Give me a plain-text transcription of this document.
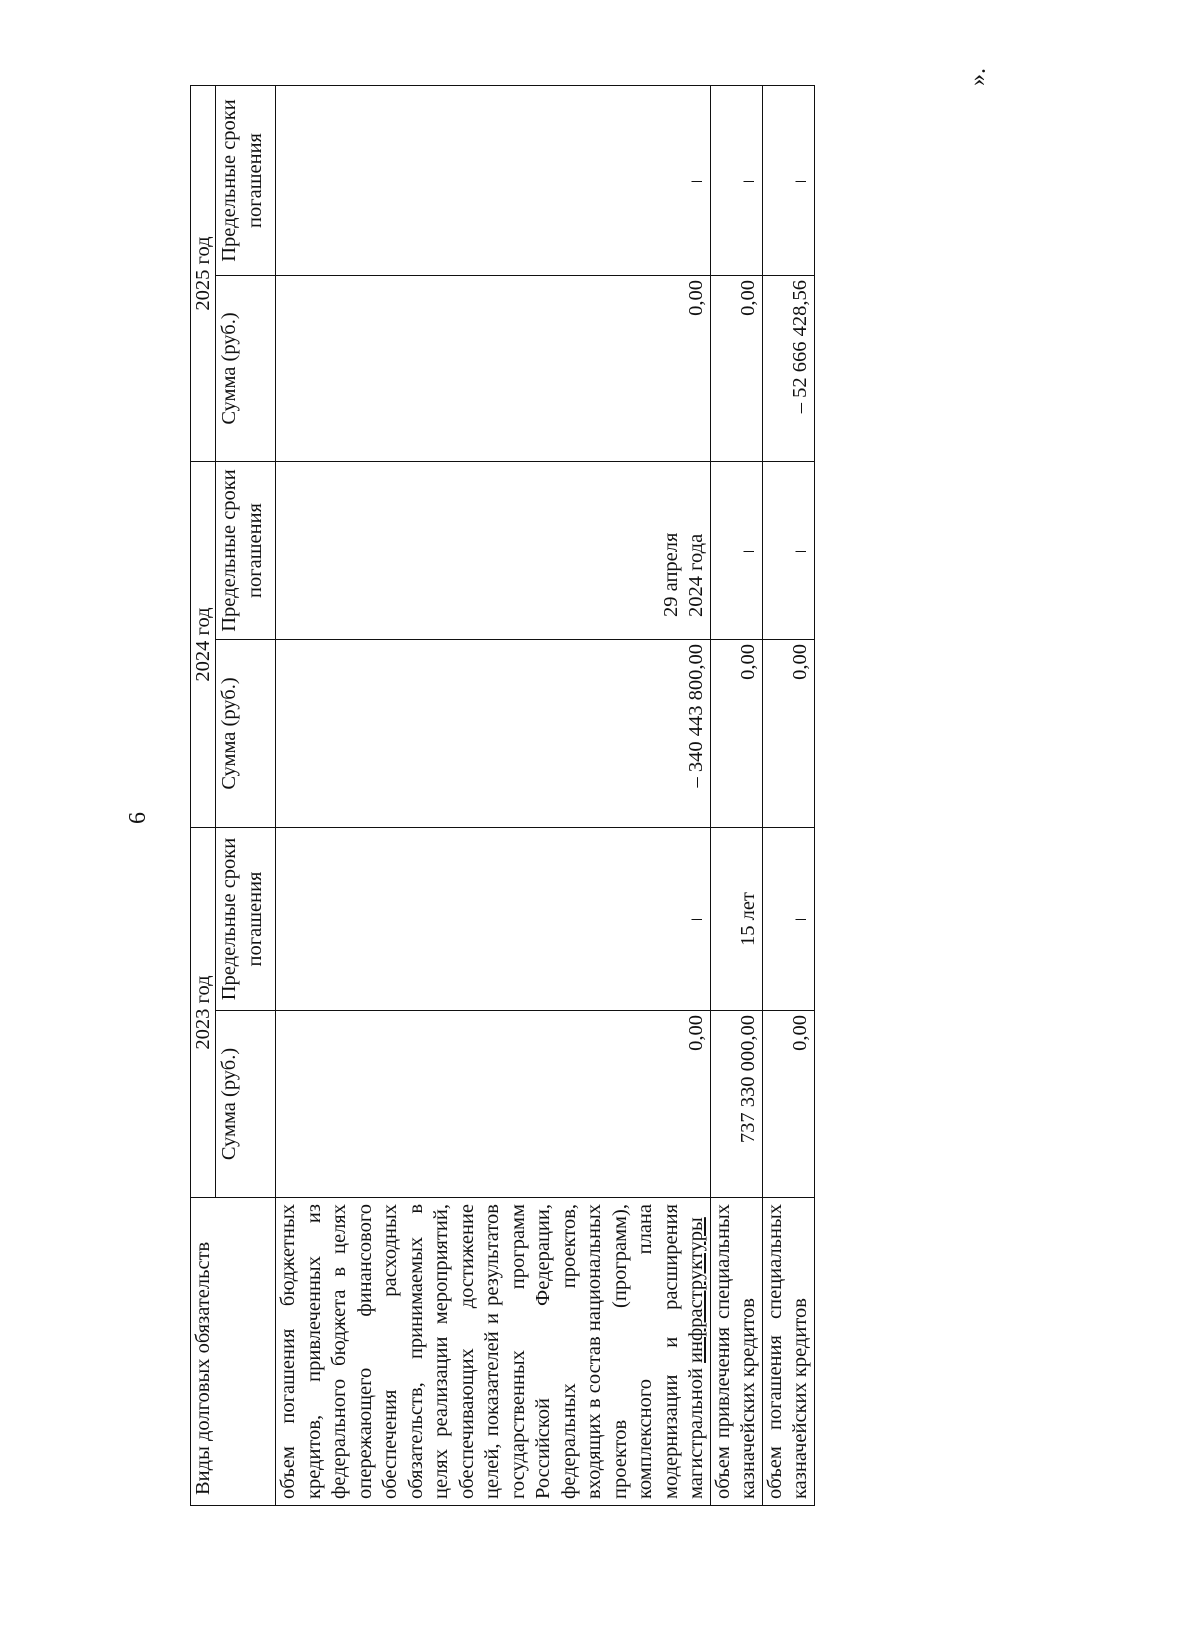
6
».
Виды долговых обязательств	2023 год		2024 год		2025 год	
	Сумма (руб.)	Предельные сроки погашения	Сумма (руб.)	Предельные сроки погашения	Сумма (руб.)	Предельные сроки погашения
объем погашения бюджетных кредитов, привлеченных из федерального бюджета в целях опережающего финансового обеспечения расходных обязательств, принимаемых в целях реализации мероприятий, обеспечивающих достижение целей, показателей и результатов государственных программ Российской Федерации, федеральных проектов, входящих в состав национальных проектов (программ), комплексного плана модернизации и расширения магистральной инфраструктуры	0,00	–	– 340 443 800,00	29 апреля 2024 года	0,00	–
объем привлечения специальных казначейских кредитов	737 330 000,00	15 лет	0,00	–	0,00	–
объем погашения специальных казначейских кредитов	0,00	–	0,00	–	– 52 666 428,56	–
